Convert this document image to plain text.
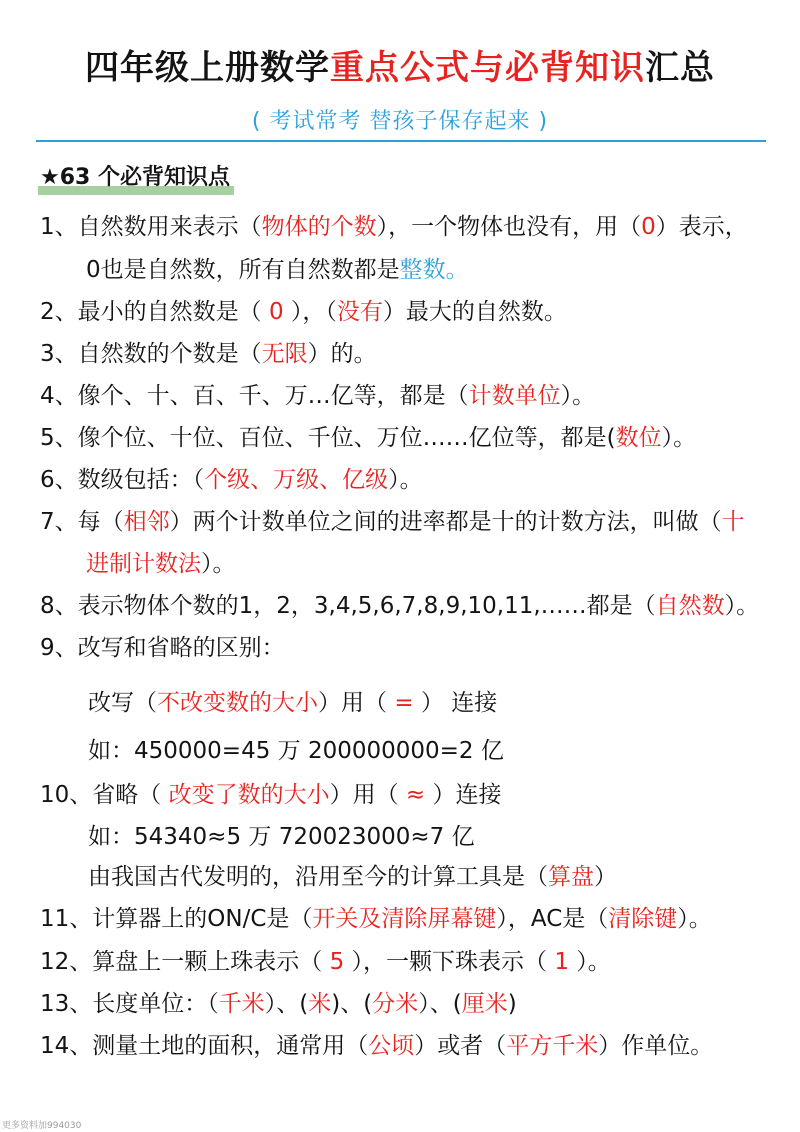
四年级上册数学重点公式与必背知识汇总
( 考试常考 替孩子保存起来 )
★63 个必背知识点
1、自然数用来表示（物体的个数），一个物体也没有，用（0）表示，
0也是自然数，所有自然数都是整数。
2、最小的自然数是（ 0 ），（没有）最大的自然数。
3、自然数的个数是（无限）的。
4、像个、十、百、千、万…亿等，都是（计数单位）。
5、像个位、十位、百位、千位、万位……亿位等，都是(数位）。
6、数级包括：（个级、万级、亿级）。
7、每（相邻）两个计数单位之间的进率都是十的计数方法，叫做（十
进制计数法）。
8、表示物体个数的1，2，3,4,5,6,7,8,9,10,11,……都是（自然数）。
9、改写和省略的区别：
改写（不改变数的大小）用（ = ） 连接
如：450000=45 万 200000000=2 亿
10、省略（ 改变了数的大小）用（ ≈ ）连接
如：54340≈5 万 720023000≈7 亿
由我国古代发明的，沿用至今的计算工具是（算盘）
11、计算器上的ON/C是（开关及清除屏幕键），AC是（清除键）。
12、算盘上一颗上珠表示（ 5 ），一颗下珠表示（ 1 ）。
13、长度单位：（千米）、(米)、(分米）、(厘米)
14、测量土地的面积，通常用（公顷）或者（平方千米）作单位。
更多资料加994030
